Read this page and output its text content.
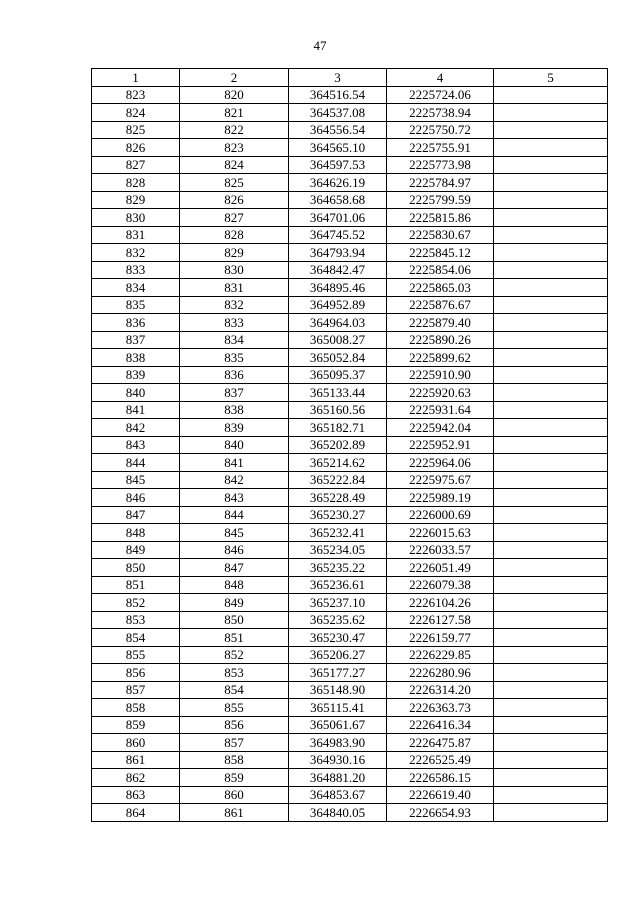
47
1	2	3	4	5
823	820	364516.54	2225724.06	
824	821	364537.08	2225738.94	
825	822	364556.54	2225750.72	
826	823	364565.10	2225755.91	
827	824	364597.53	2225773.98	
828	825	364626.19	2225784.97	
829	826	364658.68	2225799.59	
830	827	364701.06	2225815.86	
831	828	364745.52	2225830.67	
832	829	364793.94	2225845.12	
833	830	364842.47	2225854.06	
834	831	364895.46	2225865.03	
835	832	364952.89	2225876.67	
836	833	364964.03	2225879.40	
837	834	365008.27	2225890.26	
838	835	365052.84	2225899.62	
839	836	365095.37	2225910.90	
840	837	365133.44	2225920.63	
841	838	365160.56	2225931.64	
842	839	365182.71	2225942.04	
843	840	365202.89	2225952.91	
844	841	365214.62	2225964.06	
845	842	365222.84	2225975.67	
846	843	365228.49	2225989.19	
847	844	365230.27	2226000.69	
848	845	365232.41	2226015.63	
849	846	365234.05	2226033.57	
850	847	365235.22	2226051.49	
851	848	365236.61	2226079.38	
852	849	365237.10	2226104.26	
853	850	365235.62	2226127.58	
854	851	365230.47	2226159.77	
855	852	365206.27	2226229.85	
856	853	365177.27	2226280.96	
857	854	365148.90	2226314.20	
858	855	365115.41	2226363.73	
859	856	365061.67	2226416.34	
860	857	364983.90	2226475.87	
861	858	364930.16	2226525.49	
862	859	364881.20	2226586.15	
863	860	364853.67	2226619.40	
864	861	364840.05	2226654.93	
